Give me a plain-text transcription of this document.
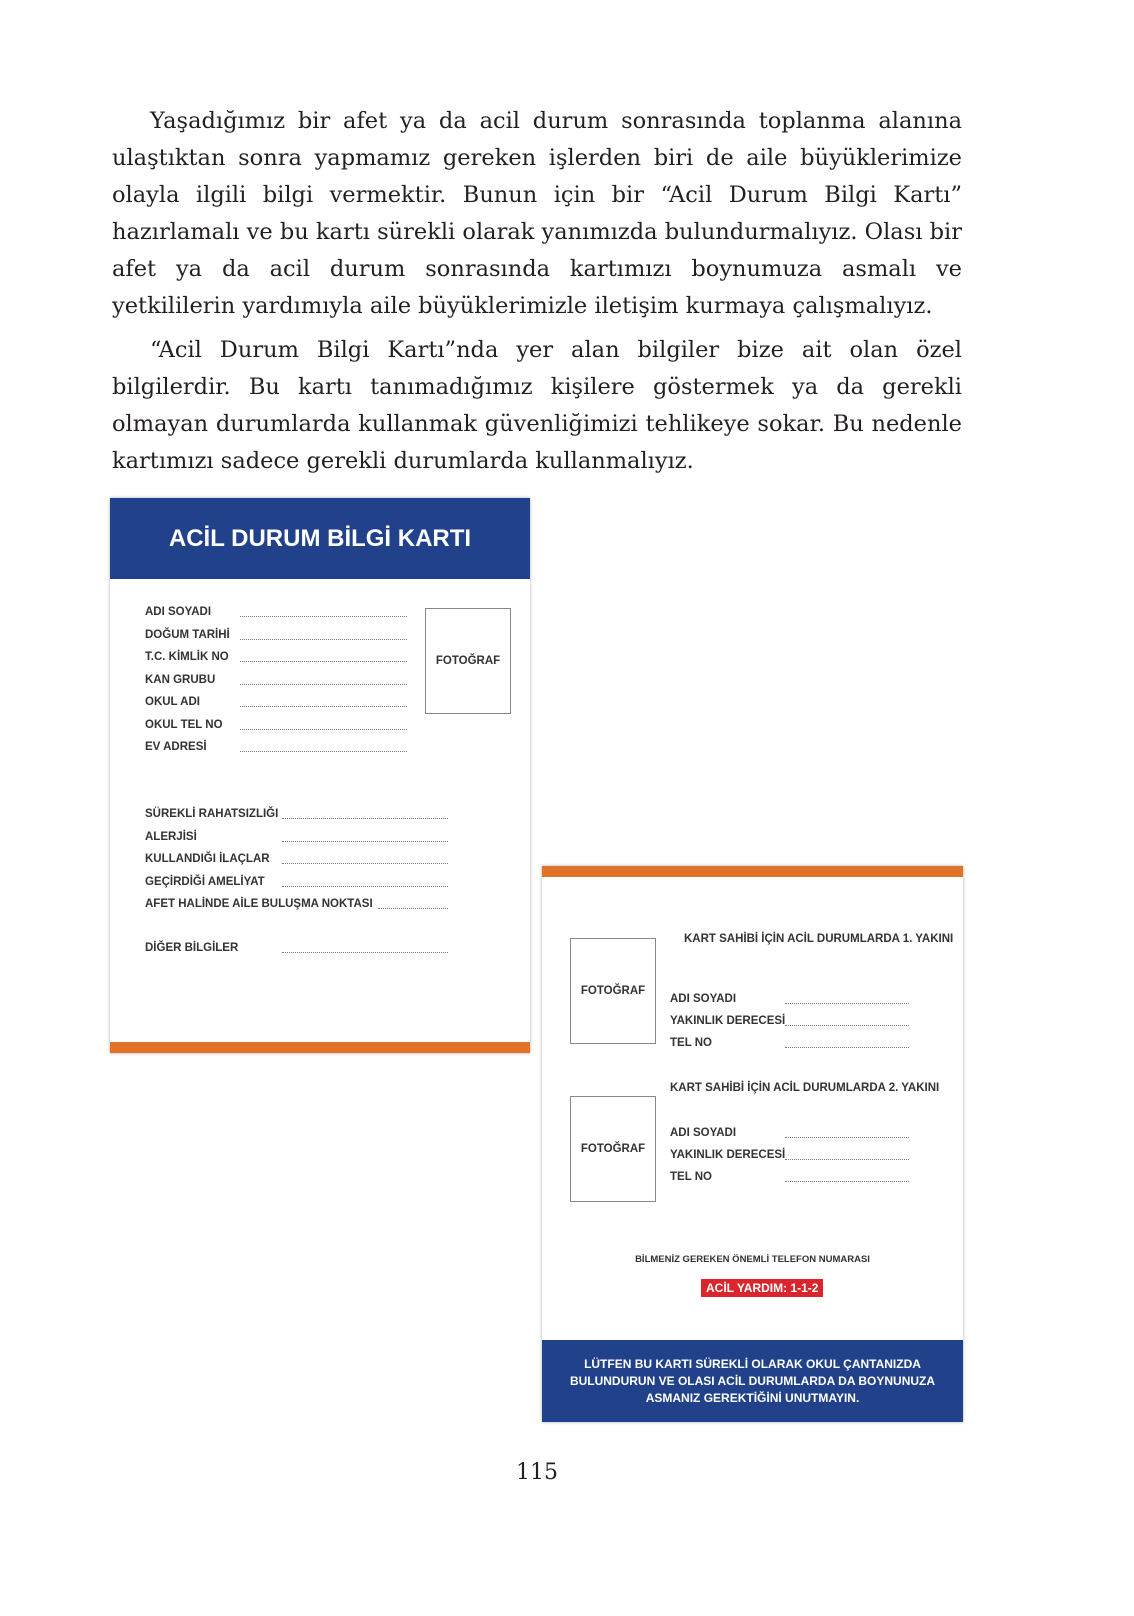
Yaşadığımız bir afet ya da acil durum sonrasında toplanma alanına ulaştıktan sonra yapmamız gereken işlerden biri de aile büyüklerimize olayla ilgili bilgi vermektir. Bunun için bir “Acil Durum Bilgi Kartı” hazırlamalı ve bu kartı sürekli olarak yanımızda bulundurmalıyız. Olası bir afet ya da acil durum sonrasında kartımızı boynumuza asmalı ve yetkililerin yardımıyla aile büyüklerimizle iletişim kurmaya çalışmalıyız.

“Acil Durum Bilgi Kartı”nda yer alan bilgiler bize ait olan özel bilgilerdir. Bu kartı tanımadığımız kişilere göstermek ya da gerekli olmayan durumlarda kullanmak güvenliğimizi tehlikeye sokar. Bu nedenle kartımızı sadece gerekli durumlarda kullanmalıyız.

ACİL DURUM BİLGİ KARTI
ADI SOYADI
DOĞUM TARİHİ
T.C. KİMLİK NO
KAN GRUBU
OKUL ADI
OKUL TEL NO
EV ADRESİ
SÜREKLİ RAHATSIZLIĞI
ALERJİSİ
KULLANDIĞI İLAÇLAR
GEÇİRDİĞİ AMELİYAT
AFET HALİNDE AİLE BULUŞMA NOKTASI
DİĞER BİLGİLER
FOTOĞRAF
KART SAHİBİ İÇİN ACİL DURUMLARDA 1. YAKINI
FOTOĞRAF
KART SAHİBİ İÇİN ACİL DURUMLARDA 2. YAKINI
FOTOĞRAF
ADI SOYADI
YAKINLIK DERECESİ
TEL NO
ADI SOYADI
YAKINLIK DERECESİ
TEL NO
BİLMENİZ GEREKEN ÖNEMLİ TELEFON NUMARASI
ACİL YARDIM: 1-1-2
LÜTFEN BU KARTI SÜREKLİ OLARAK OKUL ÇANTANIZDA BULUNDURUN VE OLASI ACİL DURUMLARDA DA BOYNUNUZA ASMANIZ GEREKTİĞİNİ UNUTMAYIN.
115
